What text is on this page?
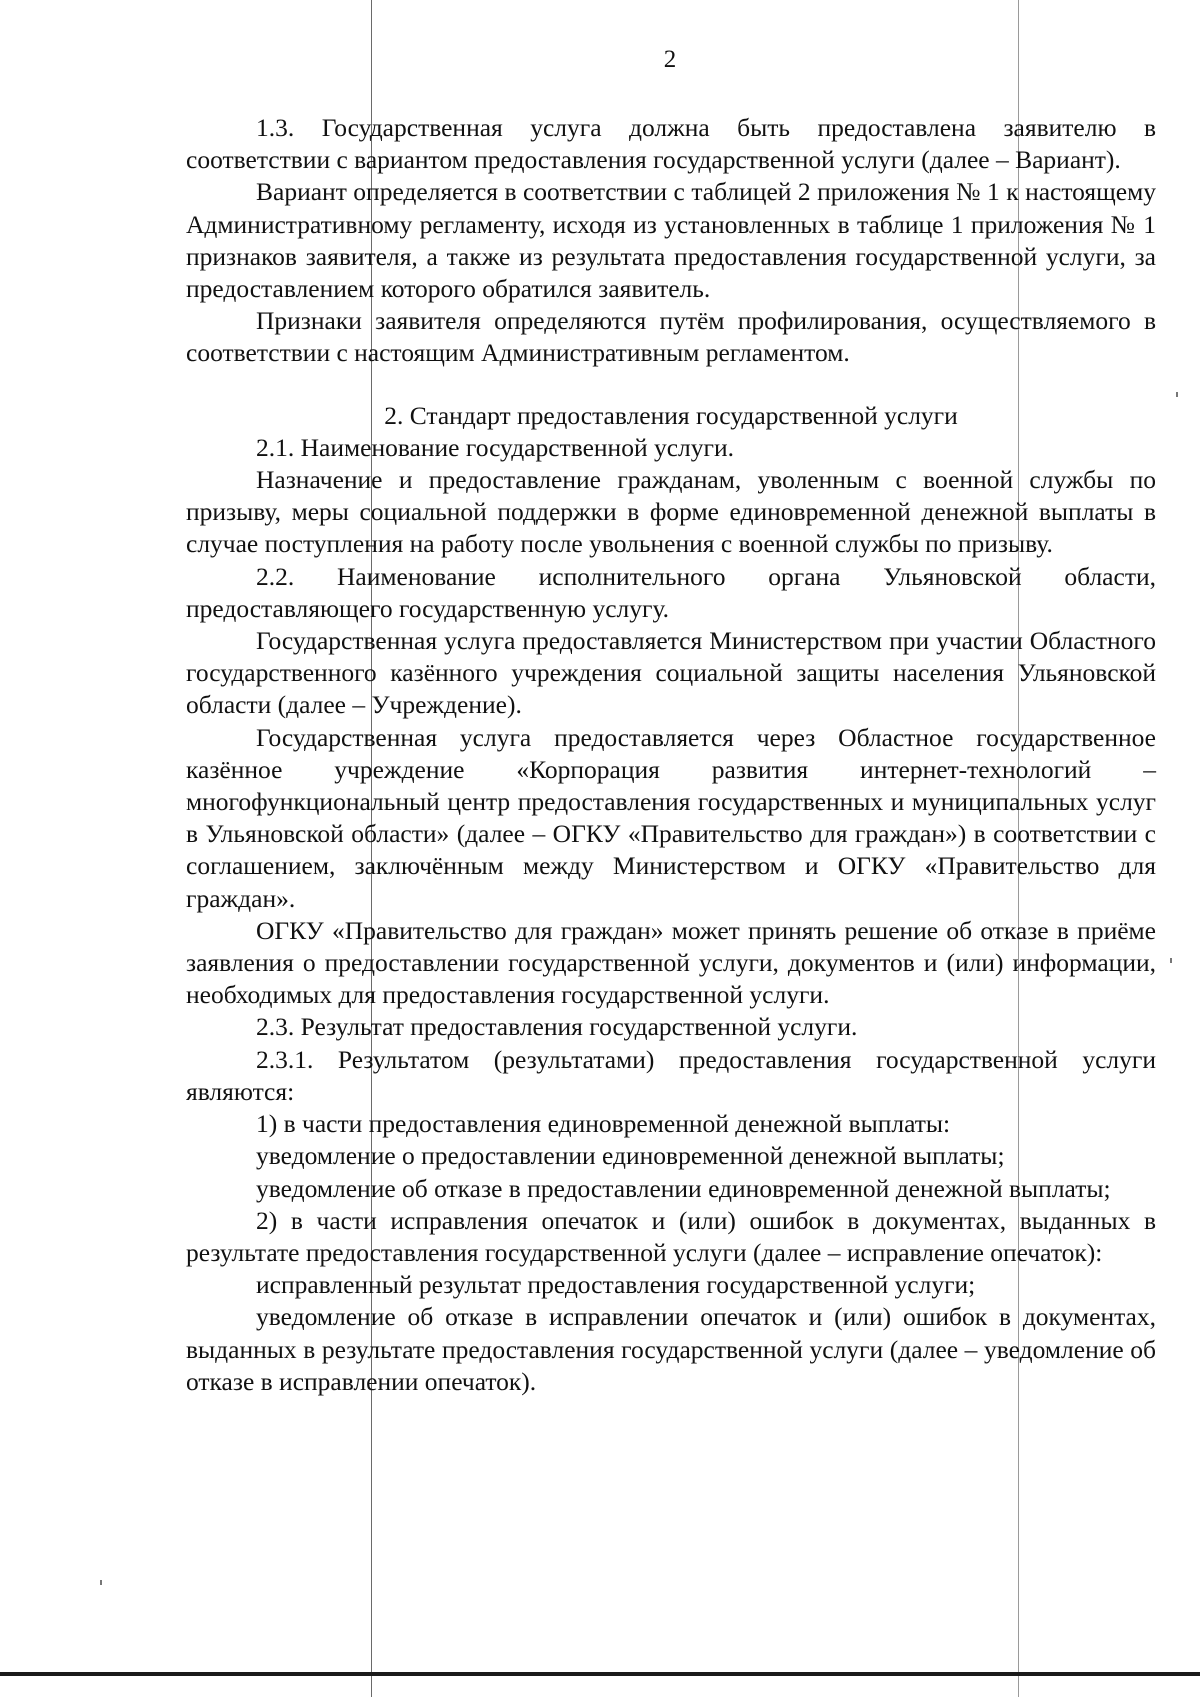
2

1.3. Государственная услуга должна быть предоставлена заявителю в соответствии с вариантом предоставления государственной услуги (далее – Вариант).

Вариант определяется в соответствии с таблицей 2 приложения № 1 к настоящему Административному регламенту, исходя из установленных в таблице 1 приложения № 1 признаков заявителя, а также из результата предоставления государственной услуги, за предоставлением которого обратился заявитель.

Признаки заявителя определяются путём профилирования, осуществляемого в соответствии с настоящим Административным регламентом.

2. Стандарт предоставления государственной услуги

2.1. Наименование государственной услуги.

Назначение и предоставление гражданам, уволенным с военной службы по призыву, меры социальной поддержки в форме единовременной денежной выплаты в случае поступления на работу после увольнения с военной службы по призыву.

2.2. Наименование исполнительного органа Ульяновской области, предоставляющего государственную услугу.

Государственная услуга предоставляется Министерством при участии Областного государственного казённого учреждения социальной защиты населения Ульяновской области (далее – Учреждение).

Государственная услуга предоставляется через Областное государственное казённое учреждение «Корпорация развития интернет-технологий – многофункциональный центр предоставления государственных и муниципальных услуг в Ульяновской области» (далее – ОГКУ «Правительство для граждан») в соответствии с соглашением, заключённым между Министерством и ОГКУ «Правительство для граждан».

ОГКУ «Правительство для граждан» может принять решение об отказе в приёме заявления о предоставлении государственной услуги, документов и (или) информации, необходимых для предоставления государственной услуги.

2.3. Результат предоставления государственной услуги.

2.3.1. Результатом (результатами) предоставления государственной услуги являются:

1) в части предоставления единовременной денежной выплаты:

уведомление о предоставлении единовременной денежной выплаты;

уведомление об отказе в предоставлении единовременной денежной выплаты;

2) в части исправления опечаток и (или) ошибок в документах, выданных в результате предоставления государственной услуги (далее – исправление опечаток):

исправленный результат предоставления государственной услуги;

уведомление об отказе в исправлении опечаток и (или) ошибок в документах, выданных в результате предоставления государственной услуги (далее – уведомление об отказе в исправлении опечаток).
